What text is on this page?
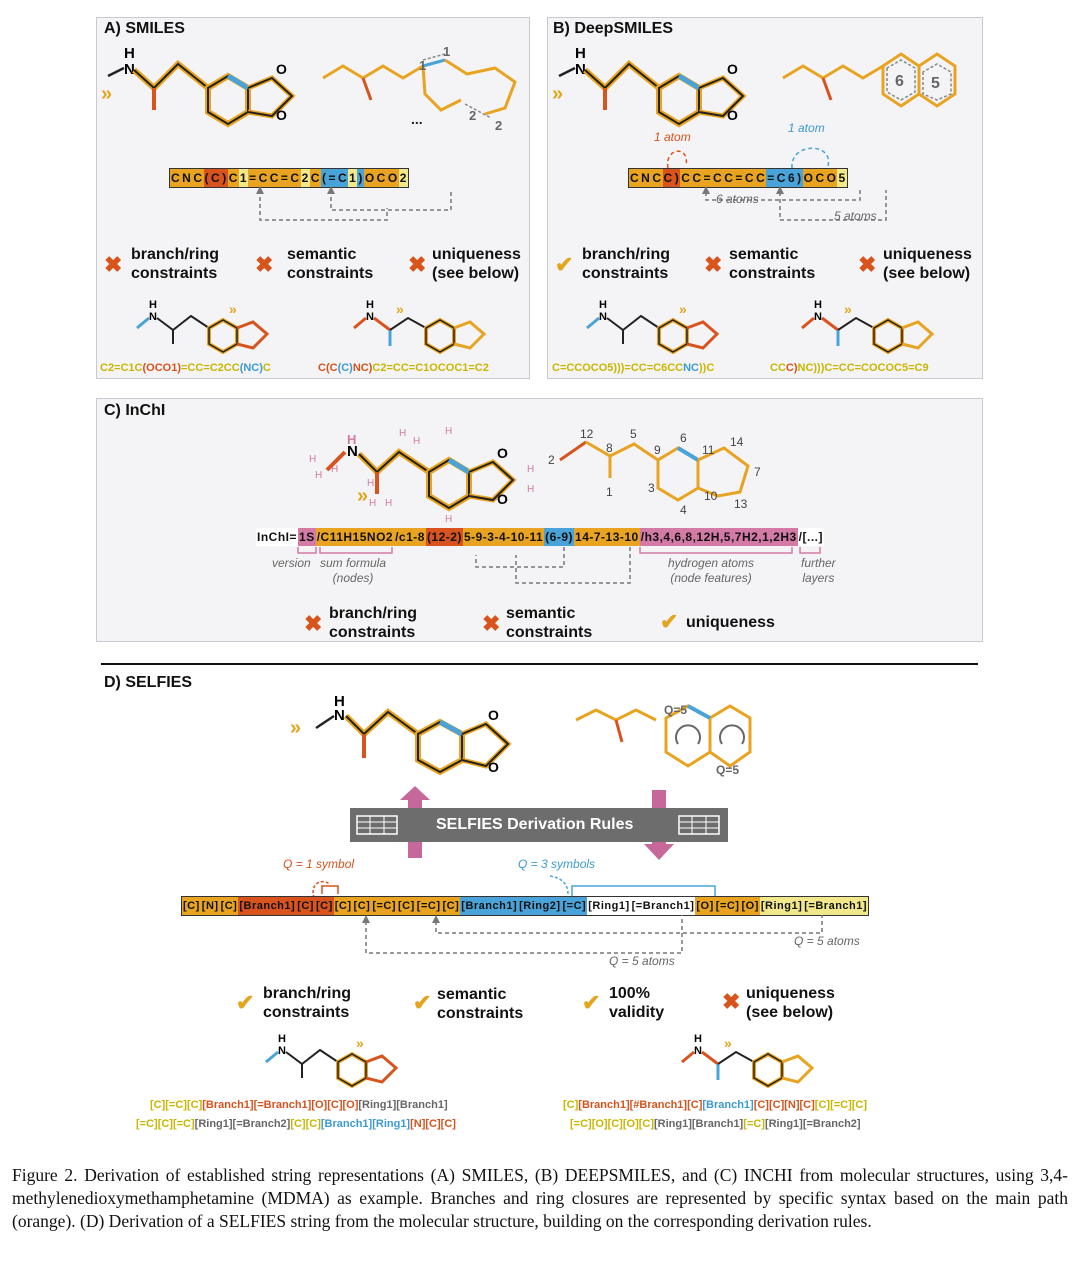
A) SMILES
H
N
»
O
O
1
1
2
2
...
C N C ( C ) C 1 = C C = C 2 C ( = C 1 ) O C O 2
✖ branch/ring
constraints ✖ semantic
constraints ✖ uniqueness
(see below)
H
N	»	H
N »
C2=C1C(OCO1)=CC=C2CC(NC)C	C(C(C)NC)C2=CC=C1OCOC1=C2
B) DeepSMILES
H
N
»
O
O
6 5
1 atom
1 atom
C N C C ) C C = C C = C C = C 6 ) O C O 5
6 atoms
5 atoms
✔ branch/ring
constraints ✖ semantic
constraints ✖ uniqueness
(see below)
H
N	»	H
N »
C=CCOCO5)))=CC=C6CCNC))C	CCC)NC)))C=CC=COCOC5=C9
C) InChI
H
N
H
H
H
» H H
H
H
H
H
H
O
O
H
H
2
12
8
1
5
9
3
6
4
11
10
14
7
13
InChI= 1S /C11H15NO2 /c1-8 (12-2) 5-9-3-4-10-11 (6-9) 14-7-13-10 /h3,4,6,8,12H,5,7H2,1,2H3 /[...]
version sum formula
(nodes)
hydrogen atoms
(node features)
further
layers
✖ branch/ring
constraints	✖ semantic
constraints	✔ uniqueness
D) SELFIES
H
N
»
O
O
Q=5
Q=5
SELFIES Derivation Rules
Q = 1 symbol	Q = 3 symbols
[C] [N] [C] [Branch1] [C] [C] [C] [C] [=C] [C] [=C] [C] [Branch1] [Ring2] [=C] [Ring1] [=Branch1] [O] [=C] [O] [Ring1] [=Branch1]
Q = 5 atoms
Q = 5 atoms
✔ branch/ring
constraints	✔ semantic
constraints	✔ 100%
validity	✖ uniqueness
(see below)
H
N	»	H
N »
[C][=C][C][Branch1][=Branch1][O][C][O][Ring1][Branch1]
[=C][C][=C][Ring1][=Branch2][C][C][Branch1][Ring1][N][C][C]
[C][Branch1][#Branch1][C][Branch1][C][C][N][C][C][=C][C]
[=C][O][C][O][C][Ring1][Branch1][=C][Ring1][=Branch2]
Figure 2. Derivation of established string representations (A) SMILES, (B) DEEPSMILES, and (C) INCHI from molecular structures, using 3,4-methylenedioxymethamphetamine (MDMA) as example. Branches and ring closures are represented by specific syntax based on the main path (orange). (D) Derivation of a SELFIES string from the molecular structure, building on the corresponding derivation rules.
